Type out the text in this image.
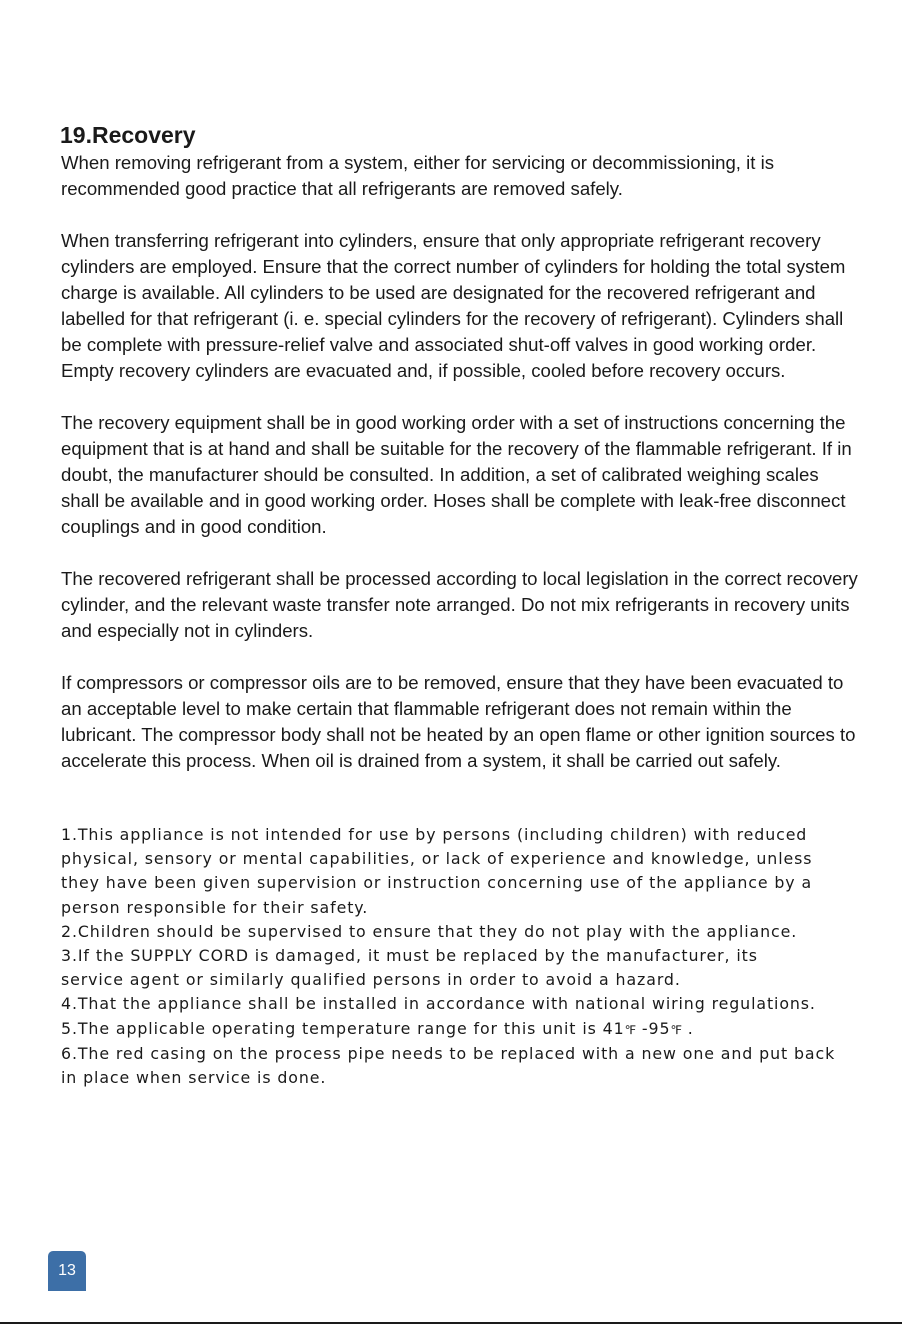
19.Recovery

When removing refrigerant from a system, either for servicing or decommissioning, it is recommended good practice that all refrigerants are removed safely.

When transferring refrigerant into cylinders, ensure that only appropriate refrigerant recovery cylinders are employed. Ensure that the correct number of cylinders for holding the total system charge is available. All cylinders to be used are designated for the recovered refrigerant and labelled for that refrigerant (i. e. special cylinders for the recovery of refrigerant). Cylinders shall be complete with pressure-relief valve and associated shut-off valves in good working order. Empty recovery cylinders are evacuated and, if possible, cooled before recovery occurs.

The recovery equipment shall be in good working order with a set of instructions concerning the equipment that is at hand and shall be suitable for the recovery of the flammable refrigerant. If in doubt, the manufacturer should be consulted. In addition, a set of calibrated weighing scales shall be available and in good working order. Hoses shall be complete with leak-free disconnect couplings and in good condition.

The recovered refrigerant shall be processed according to local legislation in the correct recovery cylinder, and the relevant waste transfer note arranged. Do not mix refrigerants in recovery units and especially not in cylinders.

If compressors or compressor oils are to be removed, ensure that they have been evacuated to an acceptable level to make certain that flammable refrigerant does not remain within the lubricant. The compressor body shall not be heated by an open flame or other ignition sources to accelerate this process. When oil is drained from a system, it shall be carried out safely.

1.This appliance is not intended for use by persons (including children) with reduced
physical, sensory or mental capabilities, or lack of experience and knowledge, unless
they have been given supervision or instruction concerning use of the appliance by a
person responsible for their safety.
2.Children should be supervised to ensure that they do not play with the appliance.
3.If the SUPPLY CORD is damaged, it must be replaced by the manufacturer, its
service agent or similarly qualified persons in order to avoid a hazard.
4.That the appliance shall be installed in accordance with national wiring regulations.
5.The applicable operating temperature range for this unit is 41℉ -95℉ .
6.The red casing on the process pipe needs to be replaced with a new one and put back
in place when service is done.
13
